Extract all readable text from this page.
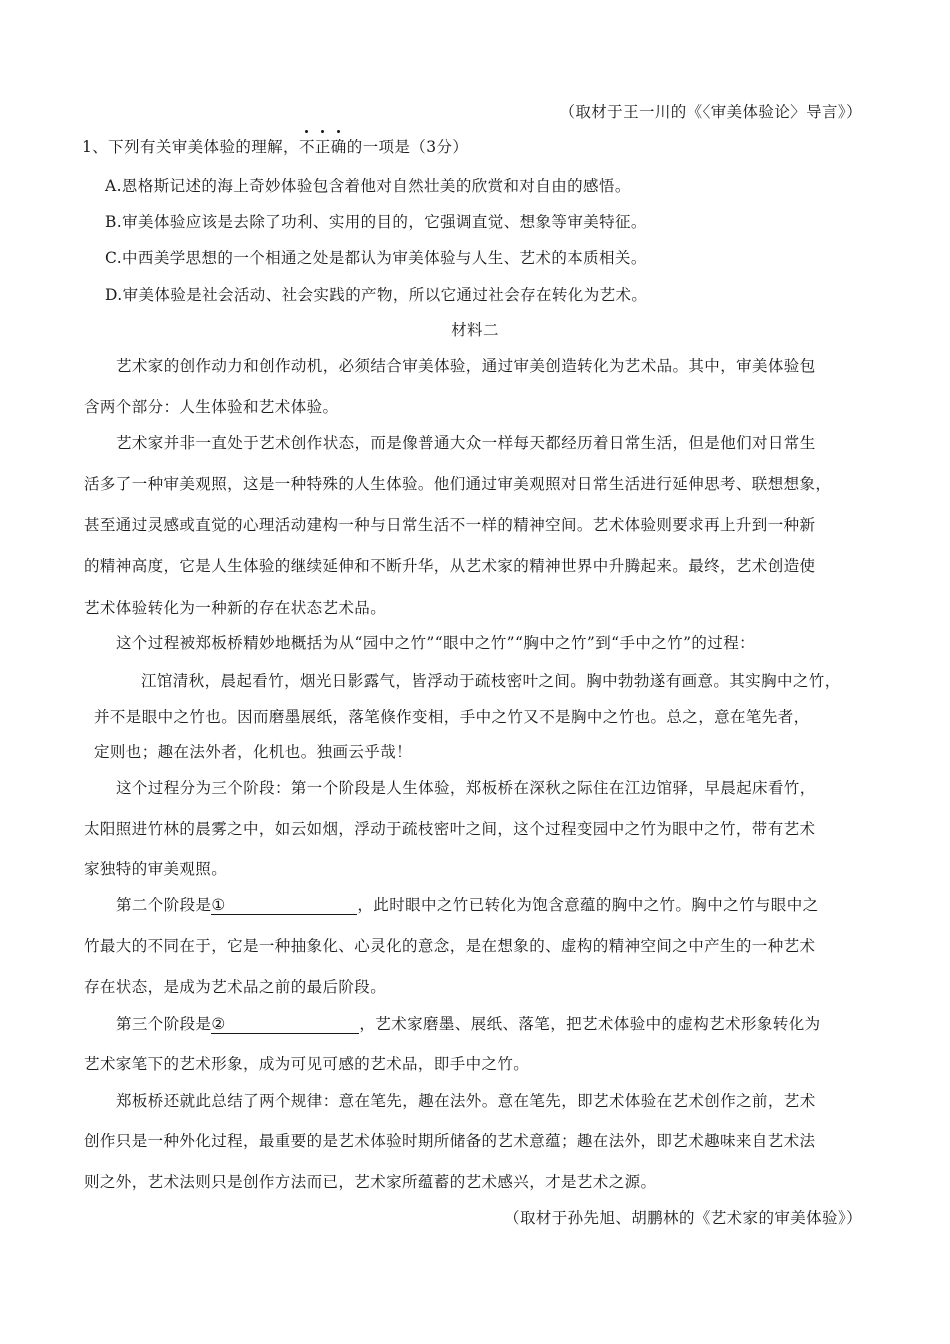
（取材于王一川的《〈审美体验论〉导言》）
1、下列有关审美体验的理解，不正确的一项是（3分）
A.恩格斯记述的海上奇妙体验包含着他对自然壮美的欣赏和对自由的感悟。
B.审美体验应该是去除了功利、实用的目的，它强调直觉、想象等审美特征。
C.中西美学思想的一个相通之处是都认为审美体验与人生、艺术的本质相关。
D.审美体验是社会活动、社会实践的产物，所以它通过社会存在转化为艺术。
材料二
艺术家的创作动力和创作动机，必须结合审美体验，通过审美创造转化为艺术品。其中，审美体验包
含两个部分：人生体验和艺术体验。
艺术家并非一直处于艺术创作状态，而是像普通大众一样每天都经历着日常生活，但是他们对日常生
活多了一种审美观照，这是一种特殊的人生体验。他们通过审美观照对日常生活进行延伸思考、联想想象，
甚至通过灵感或直觉的心理活动建构一种与日常生活不一样的精神空间。艺术体验则要求再上升到一种新
的精神高度，它是人生体验的继续延伸和不断升华，从艺术家的精神世界中升腾起来。最终，艺术创造使
艺术体验转化为一种新的存在状态艺术品。
这个过程被郑板桥精妙地概括为从“园中之竹”“眼中之竹”“胸中之竹”到“手中之竹”的过程：
江馆清秋，晨起看竹，烟光日影露气，皆浮动于疏枝密叶之间。胸中勃勃遂有画意。其实胸中之竹，
并不是眼中之竹也。因而磨墨展纸，落笔倏作变相，手中之竹又不是胸中之竹也。总之，意在笔先者，
定则也；趣在法外者，化机也。独画云乎哉！
这个过程分为三个阶段：第一个阶段是人生体验，郑板桥在深秋之际住在江边馆驿，早晨起床看竹，
太阳照进竹林的晨雾之中，如云如烟，浮动于疏枝密叶之间，这个过程变园中之竹为眼中之竹，带有艺术
家独特的审美观照。
第二个阶段是①	，此时眼中之竹已转化为饱含意蕴的胸中之竹。胸中之竹与眼中之
竹最大的不同在于，它是一种抽象化、心灵化的意念，是在想象的、虚构的精神空间之中产生的一种艺术
存在状态，是成为艺术品之前的最后阶段。
第三个阶段是②	，艺术家磨墨、展纸、落笔，把艺术体验中的虚构艺术形象转化为
艺术家笔下的艺术形象，成为可见可感的艺术品，即手中之竹。
郑板桥还就此总结了两个规律：意在笔先，趣在法外。意在笔先，即艺术体验在艺术创作之前，艺术
创作只是一种外化过程，最重要的是艺术体验时期所储备的艺术意蕴；趣在法外，即艺术趣味来自艺术法
则之外，艺术法则只是创作方法而已，艺术家所蕴蓄的艺术感兴，才是艺术之源。
（取材于孙先旭、胡鹏林的《艺术家的审美体验》）
